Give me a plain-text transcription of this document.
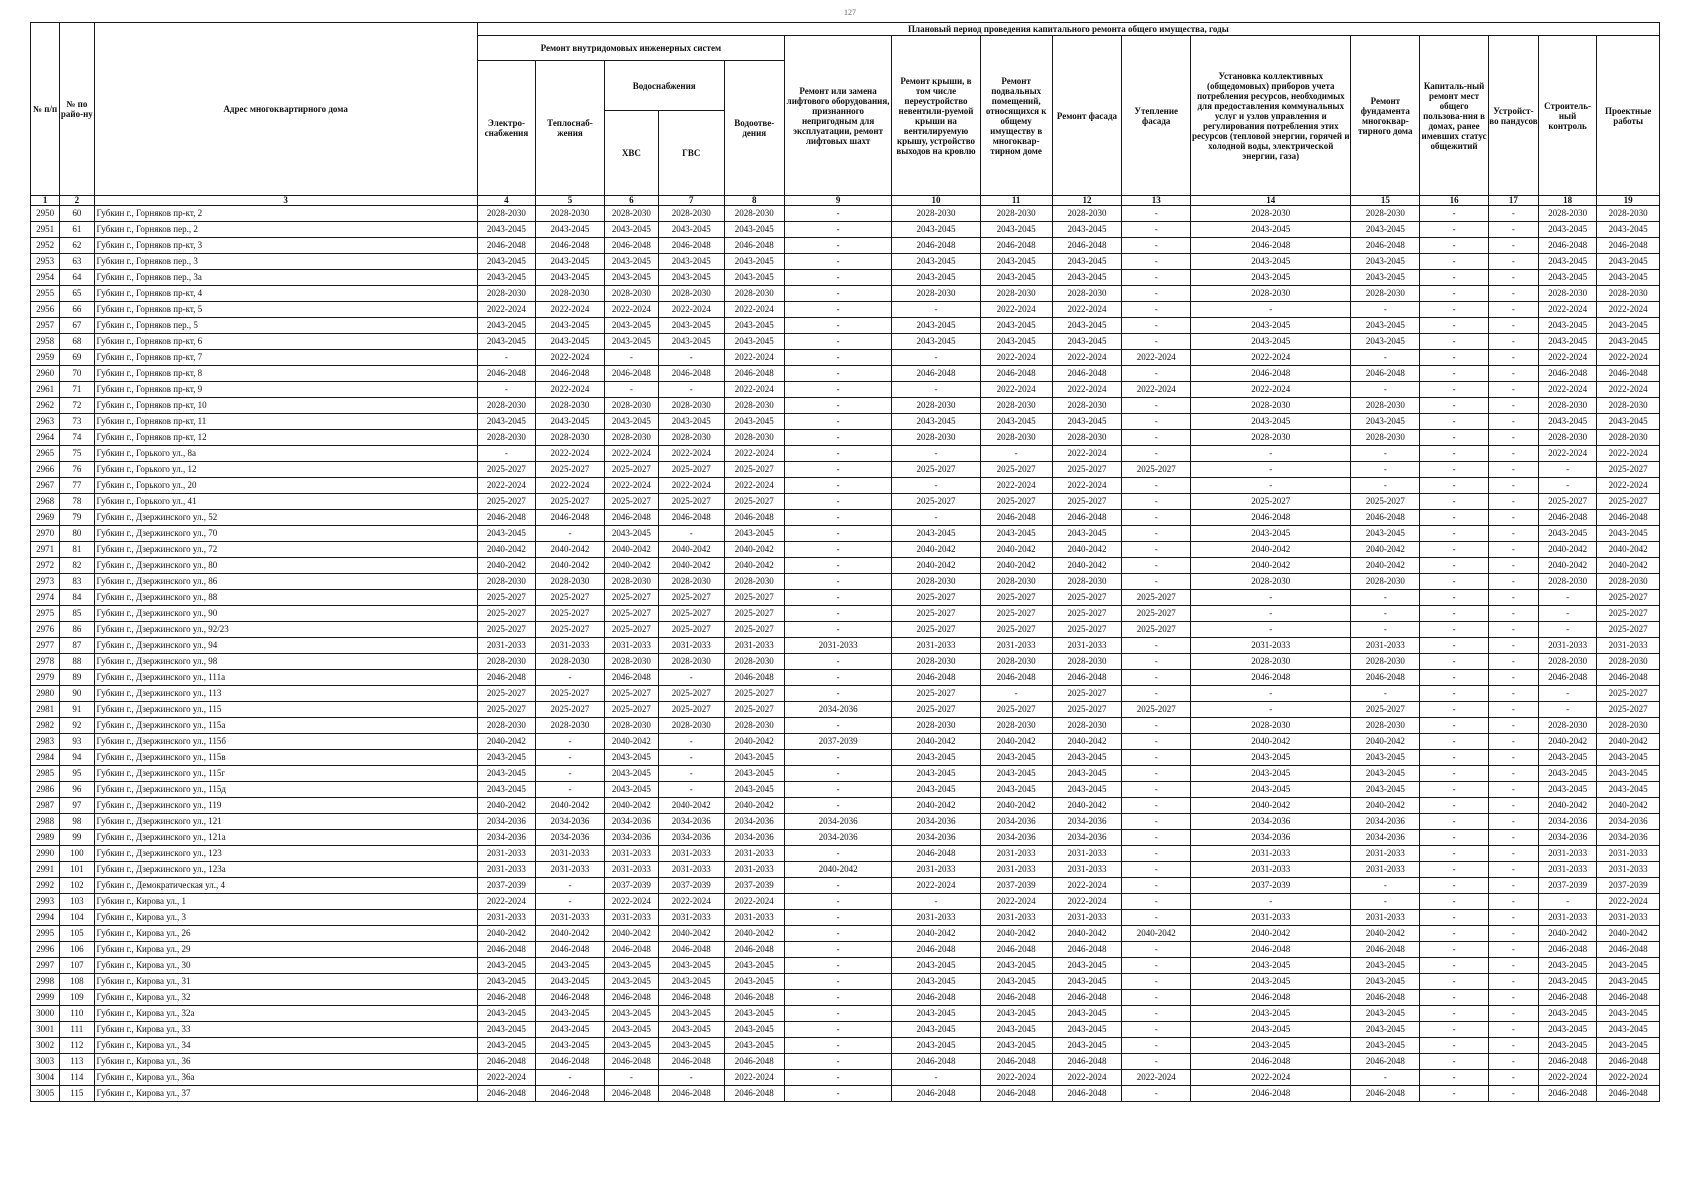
127
№ п/п	№ по райо-ну	Адрес многоквартирного дома	Плановый период проведения капитального ремонта общего имущества, годы															
			Ремонт внутридомовых инженерных систем					Ремонт или замена лифтового оборудования, признанного непригодным для эксплуатации, ремонт лифтовых шахт	Ремонт крыши, в том числе переустройство невентили-руемой крыши на вентилируемую крышу, устройство выходов на кровлю	Ремонт подвальных помещений, относящихся к общему имуществу в многоквар-тирном доме	Ремонт фасада	Утепление фасада	Установка коллективных (общедомовых) приборов учета потребления ресурсов, необходимых для предоставления коммунальных услуг и узлов управления и регулирования потребления этих ресурсов (тепловой энергии, горячей и холодной воды, электрической энергии, газа)	Ремонт фундамента многоквар-тирного дома	Капиталь-ный ремонт мест общего пользова-ния в домах, ранее имевших статус общежитий	Устройст-во пандусов	Строитель-ный контроль	Проектные работы
			Электро-снабжения	Теплоснаб-жения	Водоснабжения		Водоотве-дения											
					ХВС	ГВС												
1	2	3	4	5	6	7	8	9	10	11	12	13	14	15	16	17	18	19
2950	60	Губкин г., Горняков пр-кт, 2	2028-2030	2028-2030	2028-2030	2028-2030	2028-2030	-	2028-2030	2028-2030	2028-2030	-	2028-2030	2028-2030	-	-	2028-2030	2028-2030
2951	61	Губкин г., Горняков пер., 2	2043-2045	2043-2045	2043-2045	2043-2045	2043-2045	-	2043-2045	2043-2045	2043-2045	-	2043-2045	2043-2045	-	-	2043-2045	2043-2045
2952	62	Губкин г., Горняков пр-кт, 3	2046-2048	2046-2048	2046-2048	2046-2048	2046-2048	-	2046-2048	2046-2048	2046-2048	-	2046-2048	2046-2048	-	-	2046-2048	2046-2048
2953	63	Губкин г., Горняков пер., 3	2043-2045	2043-2045	2043-2045	2043-2045	2043-2045	-	2043-2045	2043-2045	2043-2045	-	2043-2045	2043-2045	-	-	2043-2045	2043-2045
2954	64	Губкин г., Горняков пер., 3а	2043-2045	2043-2045	2043-2045	2043-2045	2043-2045	-	2043-2045	2043-2045	2043-2045	-	2043-2045	2043-2045	-	-	2043-2045	2043-2045
2955	65	Губкин г., Горняков пр-кт, 4	2028-2030	2028-2030	2028-2030	2028-2030	2028-2030	-	2028-2030	2028-2030	2028-2030	-	2028-2030	2028-2030	-	-	2028-2030	2028-2030
2956	66	Губкин г., Горняков пр-кт, 5	2022-2024	2022-2024	2022-2024	2022-2024	2022-2024	-	-	2022-2024	2022-2024	-	-	-	-	-	2022-2024	2022-2024
2957	67	Губкин г., Горняков пер., 5	2043-2045	2043-2045	2043-2045	2043-2045	2043-2045	-	2043-2045	2043-2045	2043-2045	-	2043-2045	2043-2045	-	-	2043-2045	2043-2045
2958	68	Губкин г., Горняков пр-кт, 6	2043-2045	2043-2045	2043-2045	2043-2045	2043-2045	-	2043-2045	2043-2045	2043-2045	-	2043-2045	2043-2045	-	-	2043-2045	2043-2045
2959	69	Губкин г., Горняков пр-кт, 7	-	2022-2024	-	-	2022-2024	-	-	2022-2024	2022-2024	2022-2024	2022-2024	-	-	-	2022-2024	2022-2024
2960	70	Губкин г., Горняков пр-кт, 8	2046-2048	2046-2048	2046-2048	2046-2048	2046-2048	-	2046-2048	2046-2048	2046-2048	-	2046-2048	2046-2048	-	-	2046-2048	2046-2048
2961	71	Губкин г., Горняков пр-кт, 9	-	2022-2024	-	-	2022-2024	-	-	2022-2024	2022-2024	2022-2024	2022-2024	-	-	-	2022-2024	2022-2024
2962	72	Губкин г., Горняков пр-кт, 10	2028-2030	2028-2030	2028-2030	2028-2030	2028-2030	-	2028-2030	2028-2030	2028-2030	-	2028-2030	2028-2030	-	-	2028-2030	2028-2030
2963	73	Губкин г., Горняков пр-кт, 11	2043-2045	2043-2045	2043-2045	2043-2045	2043-2045	-	2043-2045	2043-2045	2043-2045	-	2043-2045	2043-2045	-	-	2043-2045	2043-2045
2964	74	Губкин г., Горняков пр-кт, 12	2028-2030	2028-2030	2028-2030	2028-2030	2028-2030	-	2028-2030	2028-2030	2028-2030	-	2028-2030	2028-2030	-	-	2028-2030	2028-2030
2965	75	Губкин г., Горького ул., 8а	-	2022-2024	2022-2024	2022-2024	2022-2024	-	-	-	2022-2024	-	-	-	-	-	2022-2024	2022-2024
2966	76	Губкин г., Горького ул., 12	2025-2027	2025-2027	2025-2027	2025-2027	2025-2027	-	2025-2027	2025-2027	2025-2027	2025-2027	-	-	-	-	-	2025-2027
2967	77	Губкин г., Горького ул., 20	2022-2024	2022-2024	2022-2024	2022-2024	2022-2024	-	-	2022-2024	2022-2024	-	-	-	-	-	-	2022-2024
2968	78	Губкин г., Горького ул., 41	2025-2027	2025-2027	2025-2027	2025-2027	2025-2027	-	2025-2027	2025-2027	2025-2027	-	2025-2027	2025-2027	-	-	2025-2027	2025-2027
2969	79	Губкин г., Дзержинского ул., 52	2046-2048	2046-2048	2046-2048	2046-2048	2046-2048	-	-	2046-2048	2046-2048	-	2046-2048	2046-2048	-	-	2046-2048	2046-2048
2970	80	Губкин г., Дзержинского ул., 70	2043-2045	-	2043-2045	-	2043-2045	-	2043-2045	2043-2045	2043-2045	-	2043-2045	2043-2045	-	-	2043-2045	2043-2045
2971	81	Губкин г., Дзержинского ул., 72	2040-2042	2040-2042	2040-2042	2040-2042	2040-2042	-	2040-2042	2040-2042	2040-2042	-	2040-2042	2040-2042	-	-	2040-2042	2040-2042
2972	82	Губкин г., Дзержинского ул., 80	2040-2042	2040-2042	2040-2042	2040-2042	2040-2042	-	2040-2042	2040-2042	2040-2042	-	2040-2042	2040-2042	-	-	2040-2042	2040-2042
2973	83	Губкин г., Дзержинского ул., 86	2028-2030	2028-2030	2028-2030	2028-2030	2028-2030	-	2028-2030	2028-2030	2028-2030	-	2028-2030	2028-2030	-	-	2028-2030	2028-2030
2974	84	Губкин г., Дзержинского ул., 88	2025-2027	2025-2027	2025-2027	2025-2027	2025-2027	-	2025-2027	2025-2027	2025-2027	2025-2027	-	-	-	-	-	2025-2027
2975	85	Губкин г., Дзержинского ул., 90	2025-2027	2025-2027	2025-2027	2025-2027	2025-2027	-	2025-2027	2025-2027	2025-2027	2025-2027	-	-	-	-	-	2025-2027
2976	86	Губкин г., Дзержинского ул., 92/23	2025-2027	2025-2027	2025-2027	2025-2027	2025-2027	-	2025-2027	2025-2027	2025-2027	2025-2027	-	-	-	-	-	2025-2027
2977	87	Губкин г., Дзержинского ул., 94	2031-2033	2031-2033	2031-2033	2031-2033	2031-2033	2031-2033	2031-2033	2031-2033	2031-2033	-	2031-2033	2031-2033	-	-	2031-2033	2031-2033
2978	88	Губкин г., Дзержинского ул., 98	2028-2030	2028-2030	2028-2030	2028-2030	2028-2030	-	2028-2030	2028-2030	2028-2030	-	2028-2030	2028-2030	-	-	2028-2030	2028-2030
2979	89	Губкин г., Дзержинского ул., 111а	2046-2048	-	2046-2048	-	2046-2048	-	2046-2048	2046-2048	2046-2048	-	2046-2048	2046-2048	-	-	2046-2048	2046-2048
2980	90	Губкин г., Дзержинского ул., 113	2025-2027	2025-2027	2025-2027	2025-2027	2025-2027	-	2025-2027	-	2025-2027	-	-	-	-	-	-	2025-2027
2981	91	Губкин г., Дзержинского ул., 115	2025-2027	2025-2027	2025-2027	2025-2027	2025-2027	2034-2036	2025-2027	2025-2027	2025-2027	2025-2027	-	2025-2027	-	-	-	2025-2027
2982	92	Губкин г., Дзержинского ул., 115а	2028-2030	2028-2030	2028-2030	2028-2030	2028-2030	-	2028-2030	2028-2030	2028-2030	-	2028-2030	2028-2030	-	-	2028-2030	2028-2030
2983	93	Губкин г., Дзержинского ул., 115б	2040-2042	-	2040-2042	-	2040-2042	2037-2039	2040-2042	2040-2042	2040-2042	-	2040-2042	2040-2042	-	-	2040-2042	2040-2042
2984	94	Губкин г., Дзержинского ул., 115в	2043-2045	-	2043-2045	-	2043-2045	-	2043-2045	2043-2045	2043-2045	-	2043-2045	2043-2045	-	-	2043-2045	2043-2045
2985	95	Губкин г., Дзержинского ул., 115г	2043-2045	-	2043-2045	-	2043-2045	-	2043-2045	2043-2045	2043-2045	-	2043-2045	2043-2045	-	-	2043-2045	2043-2045
2986	96	Губкин г., Дзержинского ул., 115д	2043-2045	-	2043-2045	-	2043-2045	-	2043-2045	2043-2045	2043-2045	-	2043-2045	2043-2045	-	-	2043-2045	2043-2045
2987	97	Губкин г., Дзержинского ул., 119	2040-2042	2040-2042	2040-2042	2040-2042	2040-2042	-	2040-2042	2040-2042	2040-2042	-	2040-2042	2040-2042	-	-	2040-2042	2040-2042
2988	98	Губкин г., Дзержинского ул., 121	2034-2036	2034-2036	2034-2036	2034-2036	2034-2036	2034-2036	2034-2036	2034-2036	2034-2036	-	2034-2036	2034-2036	-	-	2034-2036	2034-2036
2989	99	Губкин г., Дзержинского ул., 121а	2034-2036	2034-2036	2034-2036	2034-2036	2034-2036	2034-2036	2034-2036	2034-2036	2034-2036	-	2034-2036	2034-2036	-	-	2034-2036	2034-2036
2990	100	Губкин г., Дзержинского ул., 123	2031-2033	2031-2033	2031-2033	2031-2033	2031-2033	-	2046-2048	2031-2033	2031-2033	-	2031-2033	2031-2033	-	-	2031-2033	2031-2033
2991	101	Губкин г., Дзержинского ул., 123а	2031-2033	2031-2033	2031-2033	2031-2033	2031-2033	2040-2042	2031-2033	2031-2033	2031-2033	-	2031-2033	2031-2033	-	-	2031-2033	2031-2033
2992	102	Губкин г., Демократическая ул., 4	2037-2039	-	2037-2039	2037-2039	2037-2039	-	2022-2024	2037-2039	2022-2024	-	2037-2039	-	-	-	2037-2039	2037-2039
2993	103	Губкин г., Кирова ул., 1	2022-2024	-	2022-2024	2022-2024	2022-2024	-	-	2022-2024	2022-2024	-	-	-	-	-	-	2022-2024
2994	104	Губкин г., Кирова ул., 3	2031-2033	2031-2033	2031-2033	2031-2033	2031-2033	-	2031-2033	2031-2033	2031-2033	-	2031-2033	2031-2033	-	-	2031-2033	2031-2033
2995	105	Губкин г., Кирова ул., 26	2040-2042	2040-2042	2040-2042	2040-2042	2040-2042	-	2040-2042	2040-2042	2040-2042	2040-2042	2040-2042	2040-2042	-	-	2040-2042	2040-2042
2996	106	Губкин г., Кирова ул., 29	2046-2048	2046-2048	2046-2048	2046-2048	2046-2048	-	2046-2048	2046-2048	2046-2048	-	2046-2048	2046-2048	-	-	2046-2048	2046-2048
2997	107	Губкин г., Кирова ул., 30	2043-2045	2043-2045	2043-2045	2043-2045	2043-2045	-	2043-2045	2043-2045	2043-2045	-	2043-2045	2043-2045	-	-	2043-2045	2043-2045
2998	108	Губкин г., Кирова ул., 31	2043-2045	2043-2045	2043-2045	2043-2045	2043-2045	-	2043-2045	2043-2045	2043-2045	-	2043-2045	2043-2045	-	-	2043-2045	2043-2045
2999	109	Губкин г., Кирова ул., 32	2046-2048	2046-2048	2046-2048	2046-2048	2046-2048	-	2046-2048	2046-2048	2046-2048	-	2046-2048	2046-2048	-	-	2046-2048	2046-2048
3000	110	Губкин г., Кирова ул., 32а	2043-2045	2043-2045	2043-2045	2043-2045	2043-2045	-	2043-2045	2043-2045	2043-2045	-	2043-2045	2043-2045	-	-	2043-2045	2043-2045
3001	111	Губкин г., Кирова ул., 33	2043-2045	2043-2045	2043-2045	2043-2045	2043-2045	-	2043-2045	2043-2045	2043-2045	-	2043-2045	2043-2045	-	-	2043-2045	2043-2045
3002	112	Губкин г., Кирова ул., 34	2043-2045	2043-2045	2043-2045	2043-2045	2043-2045	-	2043-2045	2043-2045	2043-2045	-	2043-2045	2043-2045	-	-	2043-2045	2043-2045
3003	113	Губкин г., Кирова ул., 36	2046-2048	2046-2048	2046-2048	2046-2048	2046-2048	-	2046-2048	2046-2048	2046-2048	-	2046-2048	2046-2048	-	-	2046-2048	2046-2048
3004	114	Губкин г., Кирова ул., 36а	2022-2024	-	-	-	2022-2024	-	-	2022-2024	2022-2024	2022-2024	2022-2024	-	-	-	2022-2024	2022-2024
3005	115	Губкин г., Кирова ул., 37	2046-2048	2046-2048	2046-2048	2046-2048	2046-2048	-	2046-2048	2046-2048	2046-2048	-	2046-2048	2046-2048	-	-	2046-2048	2046-2048
